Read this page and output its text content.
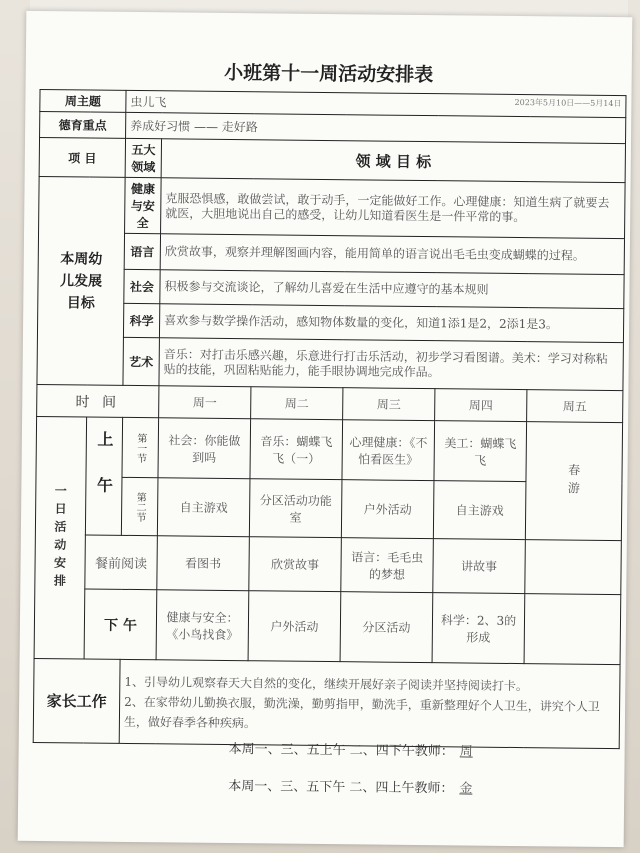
小班第十一周活动安排表
周主题		虫儿飞 2023年5月10日——5月14日					

德育重点		养成好习惯 —— 走好路					
项 目		五大领域	领 域 目 标				

本周幼儿发展目标		健康与安全	克服恐惧感，敢做尝试，敢于动手，一定能做好工作。心理健康：知道生病了就要去就医，大胆地说出自己的感受，让幼儿知道看医生是一件平常的事。				
		语言	欣赏故事，观察并理解图画内容，能用简单的语言说出毛毛虫变成蝴蝶的过程。				
		社会	积极参与交流谈论，了解幼儿喜爱在生活中应遵守的基本规则				
		科学	喜欢参与数学操作活动，感知物体数量的变化，知道1添1是2，2添1是3。				
		艺术	音乐：对打击乐感兴趣，乐意进行打击乐活动，初步学习看图谱。美术：学习对称粘贴的技能，巩固粘贴能力，能手眼协调地完成作品。				
时 间			周一	周二	周三	周四	周五

一日活动安排	上午	第一节	社会：你能做到吗	音乐：蝴蝶飞飞（一）	心理健康：《不怕看医生》	美工：蝴蝶飞飞	春游

		第二节	自主游戏	分区活动功能室	户外活动	自主游戏	
	餐前阅读		看图书	欣赏故事	语言：毛毛虫的梦想	讲故事	
	下 午		健康与安全：《小鸟找食》	户外活动	分区活动	科学：2、3的形成	
家长工作		1、引导幼儿观察春天大自然的变化，继续开展好亲子阅读并坚持阅读打卡。
2、在家带幼儿勤换衣服，勤洗澡，勤剪指甲，勤洗手，重新整理好个人卫生，讲究个人卫生，做好春季各种疾病。					
本周一、三、五上午 二、四下午教师： 周
本周一、三、五下午 二、四上午教师： 金
